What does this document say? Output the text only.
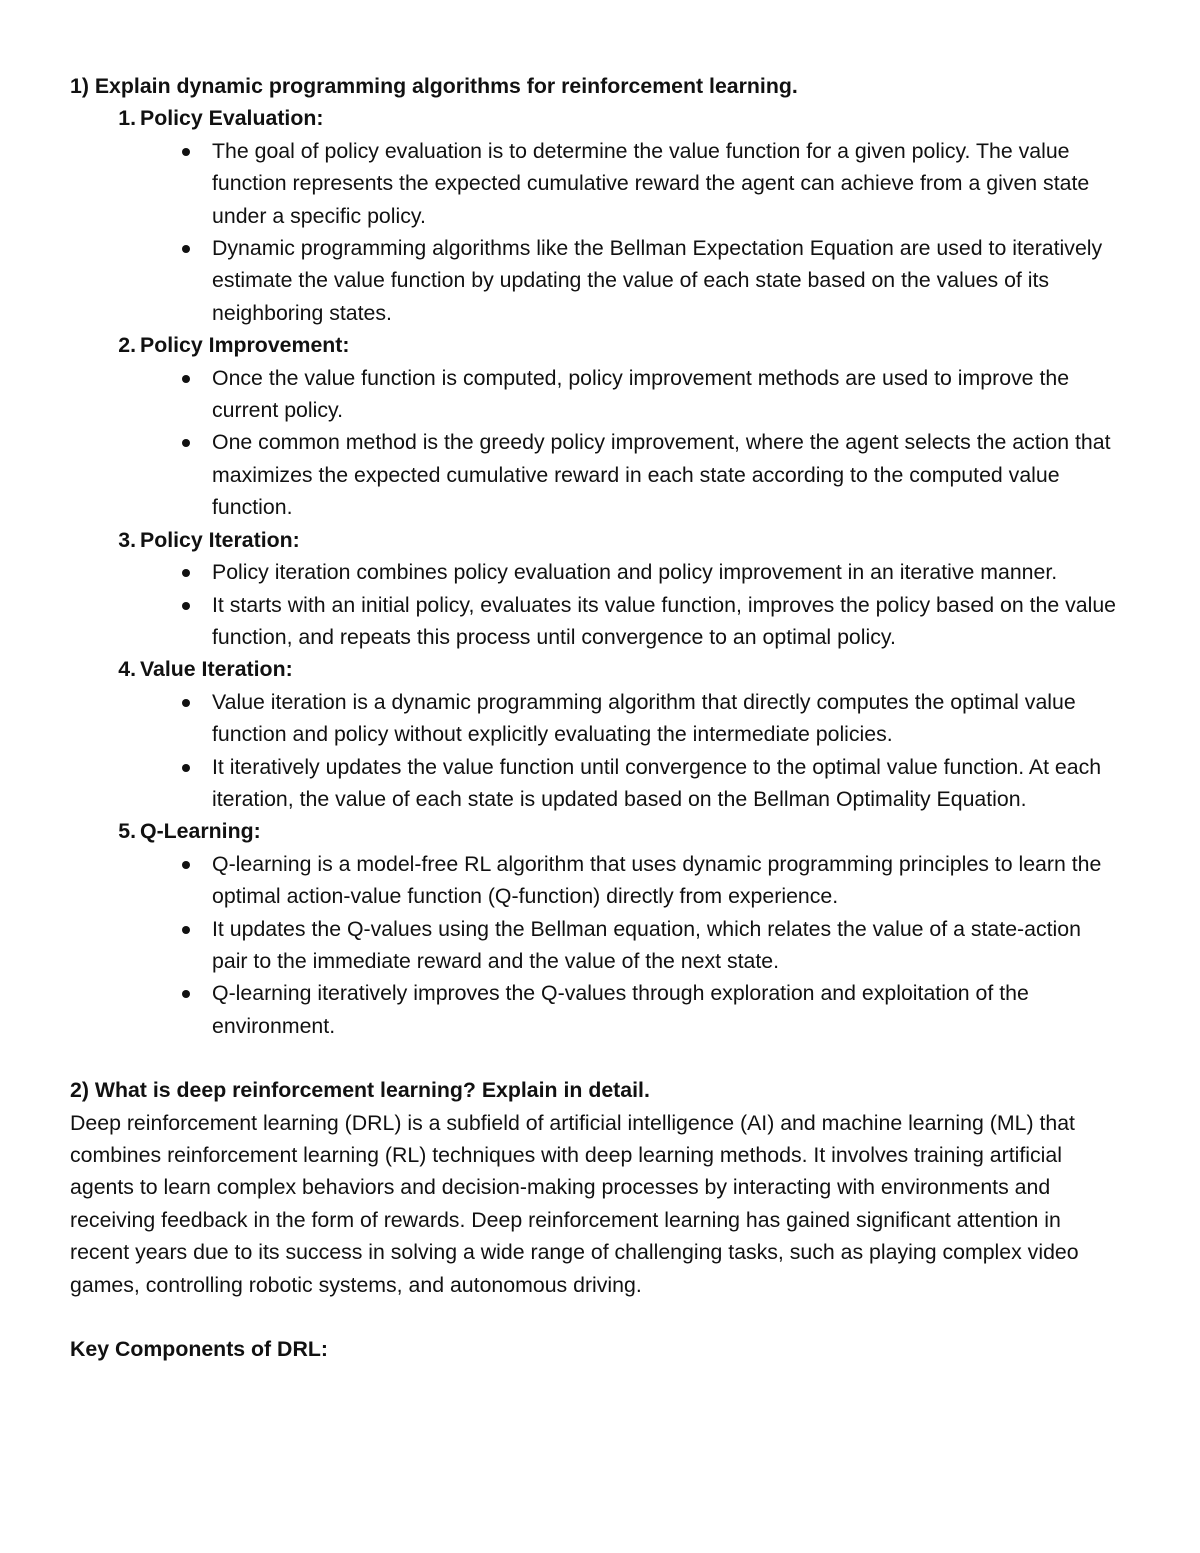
1) Explain dynamic programming algorithms for reinforcement learning.

1. Policy Evaluation:
The goal of policy evaluation is to determine the value function for a given policy. The value function represents the expected cumulative reward the agent can achieve from a given state under a specific policy.
Dynamic programming algorithms like the Bellman Expectation Equation are used to iteratively estimate the value function by updating the value of each state based on the values of its neighboring states.
2. Policy Improvement:
Once the value function is computed, policy improvement methods are used to improve the current policy.
One common method is the greedy policy improvement, where the agent selects the action that maximizes the expected cumulative reward in each state according to the computed value function.
3. Policy Iteration:
Policy iteration combines policy evaluation and policy improvement in an iterative manner.
It starts with an initial policy, evaluates its value function, improves the policy based on the value function, and repeats this process until convergence to an optimal policy.
4. Value Iteration:
Value iteration is a dynamic programming algorithm that directly computes the optimal value function and policy without explicitly evaluating the intermediate policies.
It iteratively updates the value function until convergence to the optimal value function. At each iteration, the value of each state is updated based on the Bellman Optimality Equation.
5. Q-Learning:
Q-learning is a model-free RL algorithm that uses dynamic programming principles to learn the optimal action-value function (Q-function) directly from experience.
It updates the Q-values using the Bellman equation, which relates the value of a state-action pair to the immediate reward and the value of the next state.
Q-learning iteratively improves the Q-values through exploration and exploitation of the environment.

2) What is deep reinforcement learning? Explain in detail.

Deep reinforcement learning (DRL) is a subfield of artificial intelligence (AI) and machine learning (ML) that combines reinforcement learning (RL) techniques with deep learning methods. It involves training artificial agents to learn complex behaviors and decision-making processes by interacting with environments and receiving feedback in the form of rewards. Deep reinforcement learning has gained significant attention in recent years due to its success in solving a wide range of challenging tasks, such as playing complex video games, controlling robotic systems, and autonomous driving.

Key Components of DRL:
